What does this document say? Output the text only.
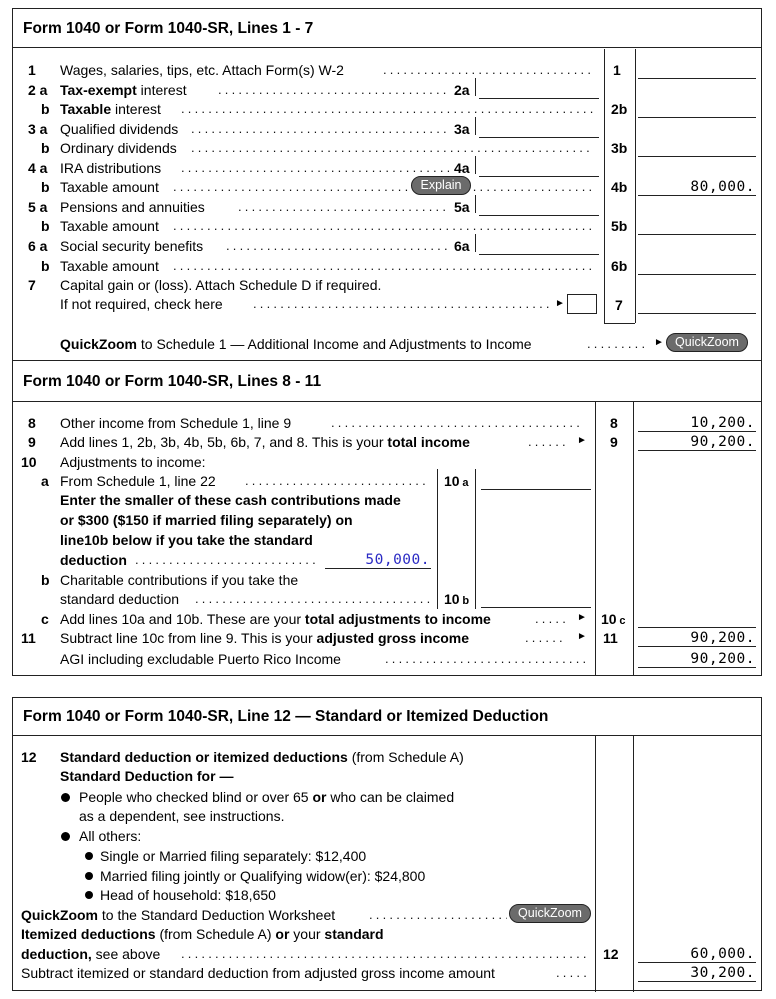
Form 1040 or Form 1040-SR, Lines 1 - 7
1 Wages, salaries, tips, etc. Attach Form(s) W-2 .....	1
2 a Tax-exempt interest .....	2a
b Taxable interest .....	2b
3 a Qualified dividends .....	3a
b Ordinary dividends .....	3b
4 a IRA distributions .....	4a
b Taxable amount .....	Explain	4b	80,000.
5 a Pensions and annuities .....	5a
b Taxable amount .....	5b
6 a Social security benefits .....	6a
b Taxable amount .....	6b
7 Capital gain or (loss). Attach Schedule D if required.
If not required, check here .....	►	7
QuickZoom to Schedule 1 — Additional Income and Adjustments to Income .....	► QuickZoom
Form 1040 or Form 1040-SR, Lines 8 - 11
8 Other income from Schedule 1, line 9 .....	8	10,200.
9 Add lines 1, 2b, 3b, 4b, 5b, 6b, 7, and 8. This is your total income .....	► 9	90,200.
10 Adjustments to income:
a From Schedule 1, line 22 .....	10 a
Enter the smaller of these cash contributions made
or $300 ($150 if married filing separately) on
line10b below if you take the standard
deduction .....	50,000.
b Charitable contributions if you take the
standard deduction .....	10 b
c Add lines 10a and 10b. These are your total adjustments to income .....	► 10 c
11 Subtract line 10c from line 9. This is your adjusted gross income .....	► 11	90,200.
AGI including excludable Puerto Rico Income .....	90,200.
Form 1040 or Form 1040-SR, Line 12 — Standard or Itemized Deduction
12 Standard deduction or itemized deductions (from Schedule A)
Standard Deduction for —
People who checked blind or over 65 or who can be claimed
as a dependent, see instructions.
All others:
Single or Married filing separately: $12,400
Married filing jointly or Qualifying widow(er): $24,800
Head of household: $18,650
QuickZoom to the Standard Deduction Worksheet .....	QuickZoom
Itemized deductions (from Schedule A) or your standard
deduction, see above .....	12	60,000.
Subtract itemized or standard deduction from adjusted gross income amount .....	30,200.
